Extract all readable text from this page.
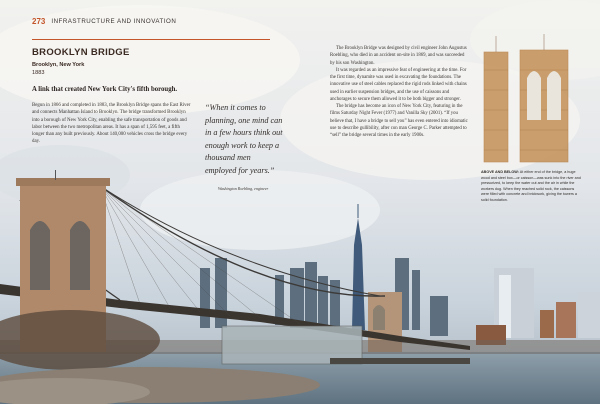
273 INFRASTRUCTURE AND INNOVATION
BROOKLYN BRIDGE
Brooklyn, New York
1883
A link that created New York City's fifth borough.
Begun in 1866 and completed in 1883, the Brooklyn Bridge spans the East River and connects Manhattan Island to Brooklyn. The bridge transformed Brooklyn into a borough of New York City, enabling the safe transportation of goods and labor between the two metropolitan areas. It has a span of 1,595 feet, a fifth longer than any built previously. About 140,000 vehicles cross the bridge every day.
“When it comes to planning, one mind can in a few hours think out enough work to keep a thousand men employed for years.”
Washington Roebling, engineer

The Brooklyn Bridge was designed by civil engineer John Augustus Roebling, who died in an accident on-site in 1869, and was succeeded by his son Washington.

It was regarded as an impressive feat of engineering at the time. For the first time, dynamite was used in excavating the foundations. The innovative use of steel cables replaced the rigid rods linked with chains used in earlier suspension bridges, and the use of caissons and anchorages to secure them allowed it to be both bigger and stronger.

The bridge has become an icon of New York City, featuring in the films Saturday Night Fever (1977) and Vanilla Sky (2001). “If you believe that, I have a bridge to sell you” has even entered into idiomatic use to describe gullibility, after con man George C. Parker attempted to “sell” the bridge several times in the early 1900s.

ABOVE AND BELOW: At either end of the bridge, a huge wood and steel box—or caisson—was sunk into the river and pressurized, to keep the water out and the air in while the workers dug. When they reached solid rock, the caissons were filled with concrete and brickwork, giving the towers a solid foundation.
